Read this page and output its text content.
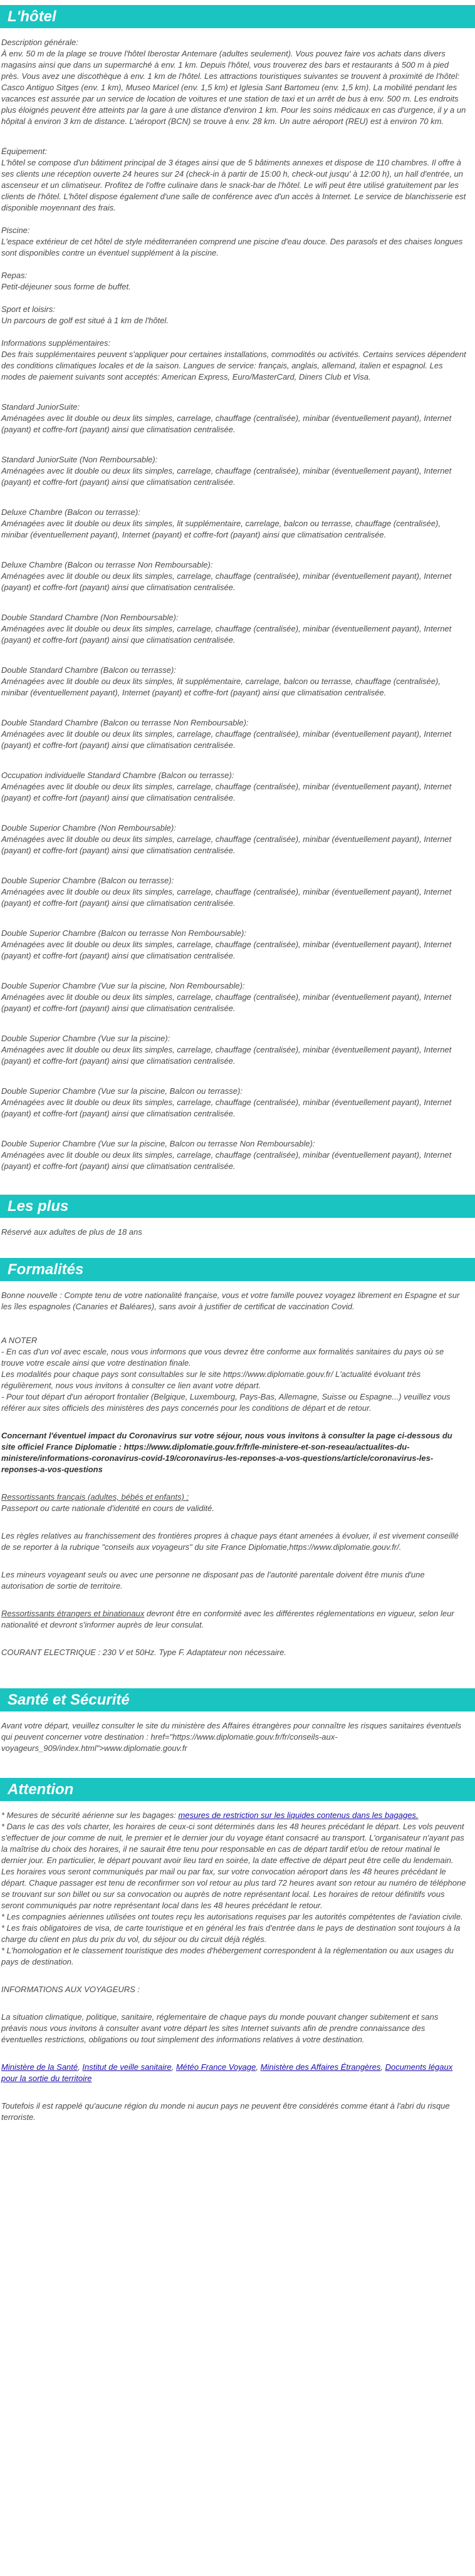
L'hôtel
Description générale:
À env. 50 m de la plage se trouve l'hôtel Iberostar Antemare (adultes seulement). Vous pouvez faire vos achats dans divers magasins ainsi que dans un supermarché à env. 1 km. Depuis l'hôtel, vous trouverez des bars et restaurants à 500 m à pied près. Vous avez une discothèque à env. 1 km de l'hôtel. Les attractions touristiques suivantes se trouvent à proximité de l'hôtel: Casco Antiguo Sitges (env. 1 km), Museo Maricel (env. 1,5 km) et Iglesia Sant Bartomeu (env. 1,5 km). La mobilité pendant les vacances est assurée par un service de location de voitures et une station de taxi et un arrêt de bus à env. 500 m. Les endroits plus éloignés peuvent être atteints par la gare à une distance d'environ 1 km. Pour les soins médicaux en cas d'urgence, il y a un hôpital à environ 3 km de distance. L'aéroport (BCN) se trouve à env. 28 km. Un autre aéroport (REU) est à environ 70 km.
Équipement:
L'hôtel se compose d'un bâtiment principal de 3 étages ainsi que de 5 bâtiments annexes et dispose de 110 chambres. Il offre à ses clients une réception ouverte 24 heures sur 24 (check-in à partir de 15:00 h, check-out jusqu' à 12:00 h), un hall d'entrée, un ascenseur et un climatiseur. Profitez de l'offre culinaire dans le snack-bar de l'hôtel. Le wifi peut être utilisé gratuitement par les clients de l'hôtel. L'hôtel dispose également d'une salle de conférence avec d'un accès à Internet. Le service de blanchisserie est disponible moyennant des frais.
Piscine:
L'espace extérieur de cet hôtel de style méditerranéen comprend une piscine d'eau douce. Des parasols et des chaises longues sont disponibles contre un éventuel supplément à la piscine.
Repas:
Petit-déjeuner sous forme de buffet.
Sport et loisirs:
Un parcours de golf est situé à 1 km de l'hôtel.
Informations supplémentaires:
Des frais supplémentaires peuvent s'appliquer pour certaines installations, commodités ou activités. Certains services dépendent des conditions climatiques locales et de la saison. Langues de service: français, anglais, allemand, italien et espagnol. Les modes de paiement suivants sont acceptés: American Express, Euro/MasterCard, Diners Club et Visa.
Standard JuniorSuite:
Aménagées avec lit double ou deux lits simples, carrelage, chauffage (centralisée), minibar (éventuellement payant), Internet (payant) et coffre-fort (payant) ainsi que climatisation centralisée.
Standard JuniorSuite (Non Remboursable):
Aménagées avec lit double ou deux lits simples, carrelage, chauffage (centralisée), minibar (éventuellement payant), Internet (payant) et coffre-fort (payant) ainsi que climatisation centralisée.
Deluxe Chambre (Balcon ou terrasse):
Aménagées avec lit double ou deux lits simples, lit supplémentaire, carrelage, balcon ou terrasse, chauffage (centralisée), minibar (éventuellement payant), Internet (payant) et coffre-fort (payant) ainsi que climatisation centralisée.
Deluxe Chambre (Balcon ou terrasse Non Remboursable):
Aménagées avec lit double ou deux lits simples, carrelage, chauffage (centralisée), minibar (éventuellement payant), Internet (payant) et coffre-fort (payant) ainsi que climatisation centralisée.
Double Standard Chambre (Non Remboursable):
Aménagées avec lit double ou deux lits simples, carrelage, chauffage (centralisée), minibar (éventuellement payant), Internet (payant) et coffre-fort (payant) ainsi que climatisation centralisée.
Double Standard Chambre (Balcon ou terrasse):
Aménagées avec lit double ou deux lits simples, lit supplémentaire, carrelage, balcon ou terrasse, chauffage (centralisée), minibar (éventuellement payant), Internet (payant) et coffre-fort (payant) ainsi que climatisation centralisée.
Double Standard Chambre (Balcon ou terrasse Non Remboursable):
Aménagées avec lit double ou deux lits simples, carrelage, chauffage (centralisée), minibar (éventuellement payant), Internet (payant) et coffre-fort (payant) ainsi que climatisation centralisée.
Occupation individuelle Standard Chambre (Balcon ou terrasse):
Aménagées avec lit double ou deux lits simples, carrelage, chauffage (centralisée), minibar (éventuellement payant), Internet (payant) et coffre-fort (payant) ainsi que climatisation centralisée.
Double Superior Chambre (Non Remboursable):
Aménagées avec lit double ou deux lits simples, carrelage, chauffage (centralisée), minibar (éventuellement payant), Internet (payant) et coffre-fort (payant) ainsi que climatisation centralisée.
Double Superior Chambre (Balcon ou terrasse):
Aménagées avec lit double ou deux lits simples, carrelage, chauffage (centralisée), minibar (éventuellement payant), Internet (payant) et coffre-fort (payant) ainsi que climatisation centralisée.
Double Superior Chambre (Balcon ou terrasse Non Remboursable):
Aménagées avec lit double ou deux lits simples, carrelage, chauffage (centralisée), minibar (éventuellement payant), Internet (payant) et coffre-fort (payant) ainsi que climatisation centralisée.
Double Superior Chambre (Vue sur la piscine, Non Remboursable):
Aménagées avec lit double ou deux lits simples, carrelage, chauffage (centralisée), minibar (éventuellement payant), Internet (payant) et coffre-fort (payant) ainsi que climatisation centralisée.
Double Superior Chambre (Vue sur la piscine):
Aménagées avec lit double ou deux lits simples, carrelage, chauffage (centralisée), minibar (éventuellement payant), Internet (payant) et coffre-fort (payant) ainsi que climatisation centralisée.
Double Superior Chambre (Vue sur la piscine, Balcon ou terrasse):
Aménagées avec lit double ou deux lits simples, carrelage, chauffage (centralisée), minibar (éventuellement payant), Internet (payant) et coffre-fort (payant) ainsi que climatisation centralisée.
Double Superior Chambre (Vue sur la piscine, Balcon ou terrasse Non Remboursable):
Aménagées avec lit double ou deux lits simples, carrelage, chauffage (centralisée), minibar (éventuellement payant), Internet (payant) et coffre-fort (payant) ainsi que climatisation centralisée.
Les plus
Réservé aux adultes de plus de 18 ans
Formalités
Bonne nouvelle : Compte tenu de votre nationalité française, vous et votre famille pouvez voyagez librement en Espagne et sur les îles espagnoles (Canaries et Baléares), sans avoir à justifier de certificat de vaccination Covid.
A NOTER
- En cas d'un vol avec escale, nous vous informons que vous devrez être conforme aux formalités sanitaires du pays où se trouve votre escale ainsi que votre destination finale.
Les modalités pour chaque pays sont consultables sur le site https://www.diplomatie.gouv.fr/ L'actualité évoluant très régulièrement, nous vous invitons à consulter ce lien avant votre départ.
- Pour tout départ d'un aéroport frontalier (Belgique, Luxembourg, Pays-Bas, Allemagne, Suisse ou Espagne...) veuillez vous référer aux sites officiels des ministères des pays concernés pour les conditions de départ et de retour.
Concernant l'éventuel impact du Coronavirus sur votre séjour, nous vous invitons à consulter la page ci-dessous du site officiel France Diplomatie : https://www.diplomatie.gouv.fr/fr/le-ministere-et-son-reseau/actualites-du-ministere/informations-coronavirus-covid-19/coronavirus-les-reponses-a-vos-questions/article/coronavirus-les-reponses-a-vos-questions
Ressortissants français (adultes, bébés et enfants) :
Passeport ou carte nationale d'identité en cours de validité.
Les règles relatives au franchissement des frontières propres à chaque pays étant amenées à évoluer, il est vivement conseillé de se reporter à la rubrique "conseils aux voyageurs" du site France Diplomatie,https://www.diplomatie.gouv.fr/.
Les mineurs voyageant seuls ou avec une personne ne disposant pas de l'autorité parentale doivent être munis d'une autorisation de sortie de territoire.
Ressortissants étrangers et binationaux devront être en conformité avec les différentes réglementations en vigueur, selon leur nationalité et devront s'informer auprès de leur consulat.
COURANT ELECTRIQUE : 230 V et 50Hz. Type F. Adaptateur non nécessaire.
Santé et Sécurité
Avant votre départ, veuillez consulter le site du ministère des Affaires étrangères pour connaître les risques sanitaires éventuels qui peuvent concerner votre destination : href="https://www.diplomatie.gouv.fr/fr/conseils-aux-voyageurs_909/index.html">www.diplomatie.gouv.fr
Attention
* Mesures de sécurité aérienne sur les bagages: mesures de restriction sur les liquides contenus dans les bagages.
* Dans le cas des vols charter, les horaires de ceux-ci sont déterminés dans les 48 heures précédant le départ. Les vols peuvent s'effectuer de jour comme de nuit, le premier et le dernier jour du voyage étant consacré au transport. L'organisateur n'ayant pas la maîtrise du choix des horaires, il ne saurait être tenu pour responsable en cas de départ tardif et/ou de retour matinal le dernier jour. En particulier, le départ pouvant avoir lieu tard en soirée, la date effective de départ peut être celle du lendemain. Les horaires vous seront communiqués par mail ou par fax, sur votre convocation aéroport dans les 48 heures précédant le départ. Chaque passager est tenu de reconfirmer son vol retour au plus tard 72 heures avant son retour au numéro de téléphone se trouvant sur son billet ou sur sa convocation ou auprès de notre représentant local. Les horaires de retour définitifs vous seront communiqués par notre représentant local dans les 48 heures précédant le retour.
* Les compagnies aériennes utilisées ont toutes reçu les autorisations requises par les autorités compétentes de l'aviation civile.
* Les frais obligatoires de visa, de carte touristique et en général les frais d'entrée dans le pays de destination sont toujours à la charge du client en plus du prix du vol, du séjour ou du circuit déjà réglés.
* L'homologation et le classement touristique des modes d'hébergement correspondent à la réglementation ou aux usages du pays de destination.
INFORMATIONS AUX VOYAGEURS :
La situation climatique, politique, sanitaire, réglementaire de chaque pays du monde pouvant changer subitement et sans préavis nous vous invitons à consulter avant votre départ les sites Internet suivants afin de prendre connaissance des éventuelles restrictions, obligations ou tout simplement des informations relatives à votre destination.
Ministère de la Santé, Institut de veille sanitaire, Météo France Voyage, Ministère des Affaires Étrangères, Documents légaux pour la sortie du territoire
Toutefois il est rappelé qu'aucune région du monde ni aucun pays ne peuvent être considérés comme étant à l'abri du risque terroriste.
